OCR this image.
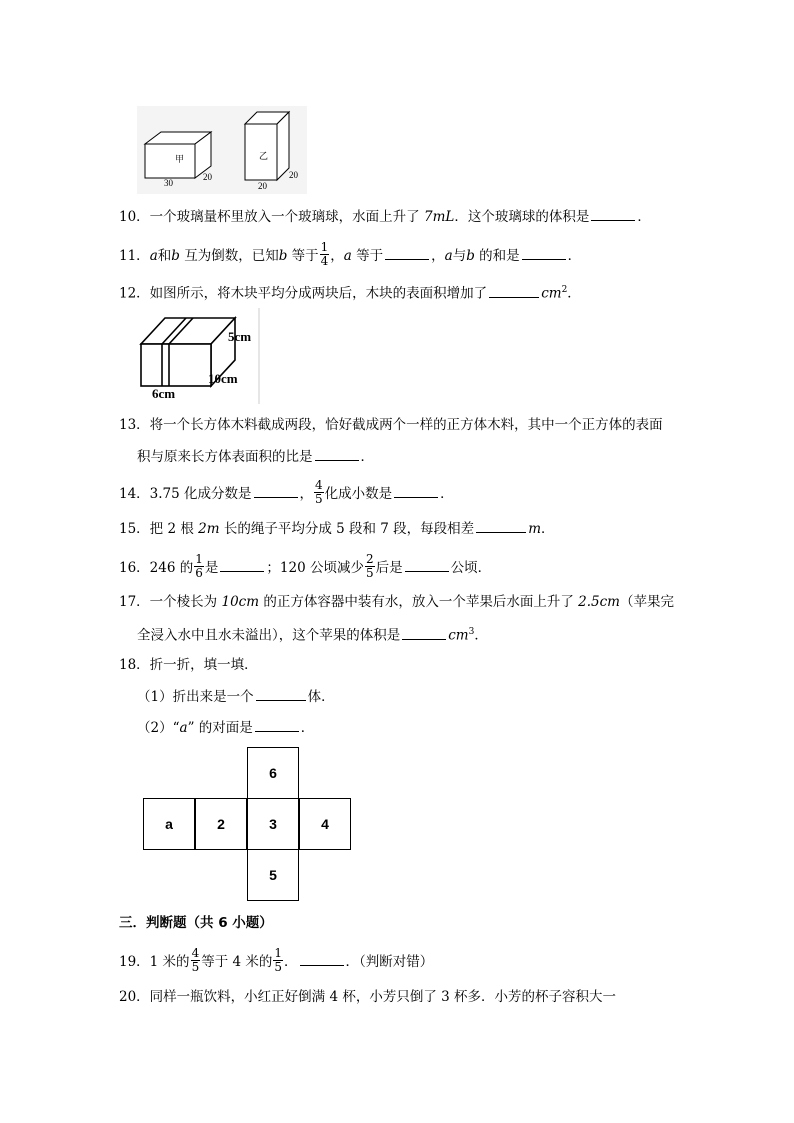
甲
30
20
乙
20
20
10．一个玻璃量杯里放入一个玻璃球，水面上升了 7mL．这个玻璃球的体积是	．
11．a和b 互为倒数，已知b 等于 $\frac{1}{4}$ ，a 等于	，a与b 的和是	．
12．如图所示，将木块平均分成两块后，木块的表面积增加了	$cm^2$．
5cm
10cm
6cm
13．将一个长方体木料截成两段，恰好截成两个一样的正方体木料，其中一个正方体的表面
积与原来长方体表面积的比是	．
14．3.75 化成分数是	， $\frac{4}{5}$ 化成小数是	．
15．把 2 根 2m 长的绳子平均分成 5 段和 7 段，每段相差	m．
16．246 的 $\frac{1}{6}$ 是	；120 公顷减少 $\frac{2}{5}$ 后是	公顷．
17．一个棱长为 10cm 的正方体容器中装有水，放入一个苹果后水面上升了 2.5cm（苹果完
全浸入水中且水未溢出），这个苹果的体积是	$cm^3$．
18．折一折，填一填．
（1）折出来是一个	体．
（2）“a” 的对面是	．
6
a	2	3	4
5
三．判断题（共 6 小题）
19．1 米的 $\frac{4}{5}$ 等于 4 米的 $\frac{1}{5}$ ．	．（判断对错）
20．同样一瓶饮料，小红正好倒满 4 杯，小芳只倒了 3 杯多．小芳的杯子容积大一
